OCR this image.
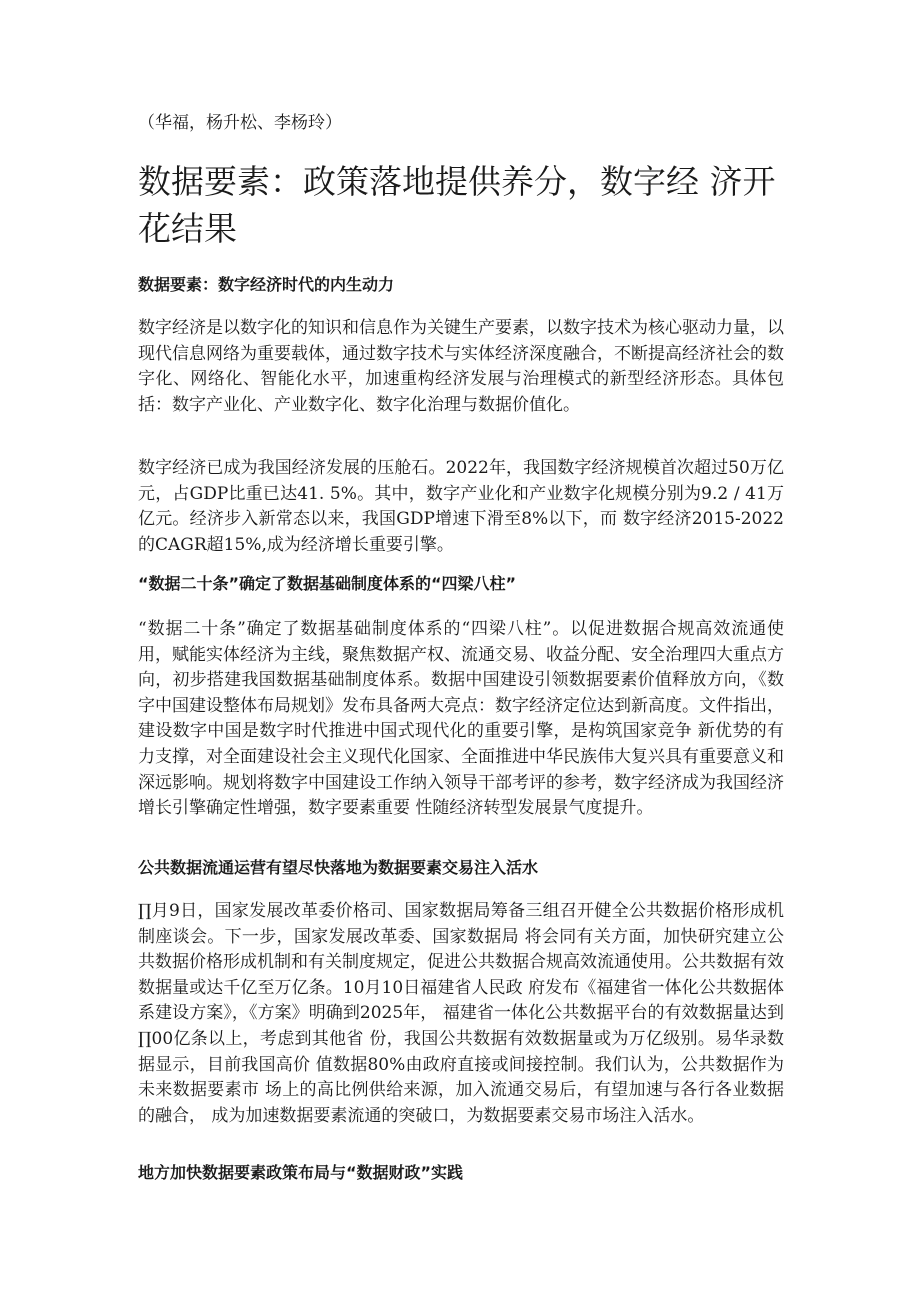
（华福，杨升松、李杨玲）
数据要素：政策落地提供养分，数字经 济开花结果
数据要素：数字经济时代的内生动力

数字经济是以数字化的知识和信息作为关键生产要素，以数字技术为核心驱动力量，以现代信息网络为重要载体，通过数字技术与实体经济深度融合，不断提高经济社会的数字化、网络化、智能化水平，加速重构经济发展与治理模式的新型经济形态。具体包括：数字产业化、产业数字化、数字化治理与数据价值化。

数字经济已成为我国经济发展的压舱石。2022年，我国数字经济规模首次超过50万亿元，占GDP比重已达41. 5%。其中，数字产业化和产业数字化规模分别为9.2 / 41万亿元。经济步入新常态以来，我国GDP增速下滑至8%以下，而 数字经济2015-2022的CAGR超15%,成为经济增长重要引擎。

“数据二十条”确定了数据基础制度体系的“四梁八柱”

“数据二十条”确定了数据基础制度体系的“四梁八柱”。以促进数据合规高效流通使用，赋能实体经济为主线，聚焦数据产权、流通交易、收益分配、安全治理四大重点方向，初步搭建我国数据基础制度体系。数据中国建设引领数据要素价值释放方向，《数字中国建设整体布局规划》发布具备两大亮点：数字经济定位达到新高度。文件指出，建设数字中国是数字时代推进中国式现代化的重要引擎，是构筑国家竞争 新优势的有力支撑，对全面建设社会主义现代化国家、全面推进中华民族伟大复兴具有重要意义和深远影响。规划将数字中国建设工作纳入领导干部考评的参考，数字经济成为我国经济增长引擎确定性增强，数字要素重要 性随经济转型发展景气度提升。

公共数据流通运营有望尽快落地为数据要素交易注入活水

∏月9日，国家发展改革委价格司、国家数据局筹备三组召开健全公共数据价格形成机制座谈会。下一步，国家发展改革委、国家数据局 将会同有关方面，加快研究建立公共数据价格形成机制和有关制度规定，促进公共数据合规高效流通使用。公共数据有效数据量或达千亿至万亿条。10月10日福建省人民政 府发布《福建省一体化公共数据体系建设方案》，《方案》明确到2025年， 福建省一体化公共数据平台的有效数据量达到∏00亿条以上，考虑到其他省 份，我国公共数据有效数据量或为万亿级别。易华录数据显示，目前我国高价 值数据80%由政府直接或间接控制。我们认为，公共数据作为未来数据要素市 场上的高比例供给来源，加入流通交易后，有望加速与各行各业数据的融合， 成为加速数据要素流通的突破口，为数据要素交易市场注入活水。

地方加快数据要素政策布局与“数据财政”实践
